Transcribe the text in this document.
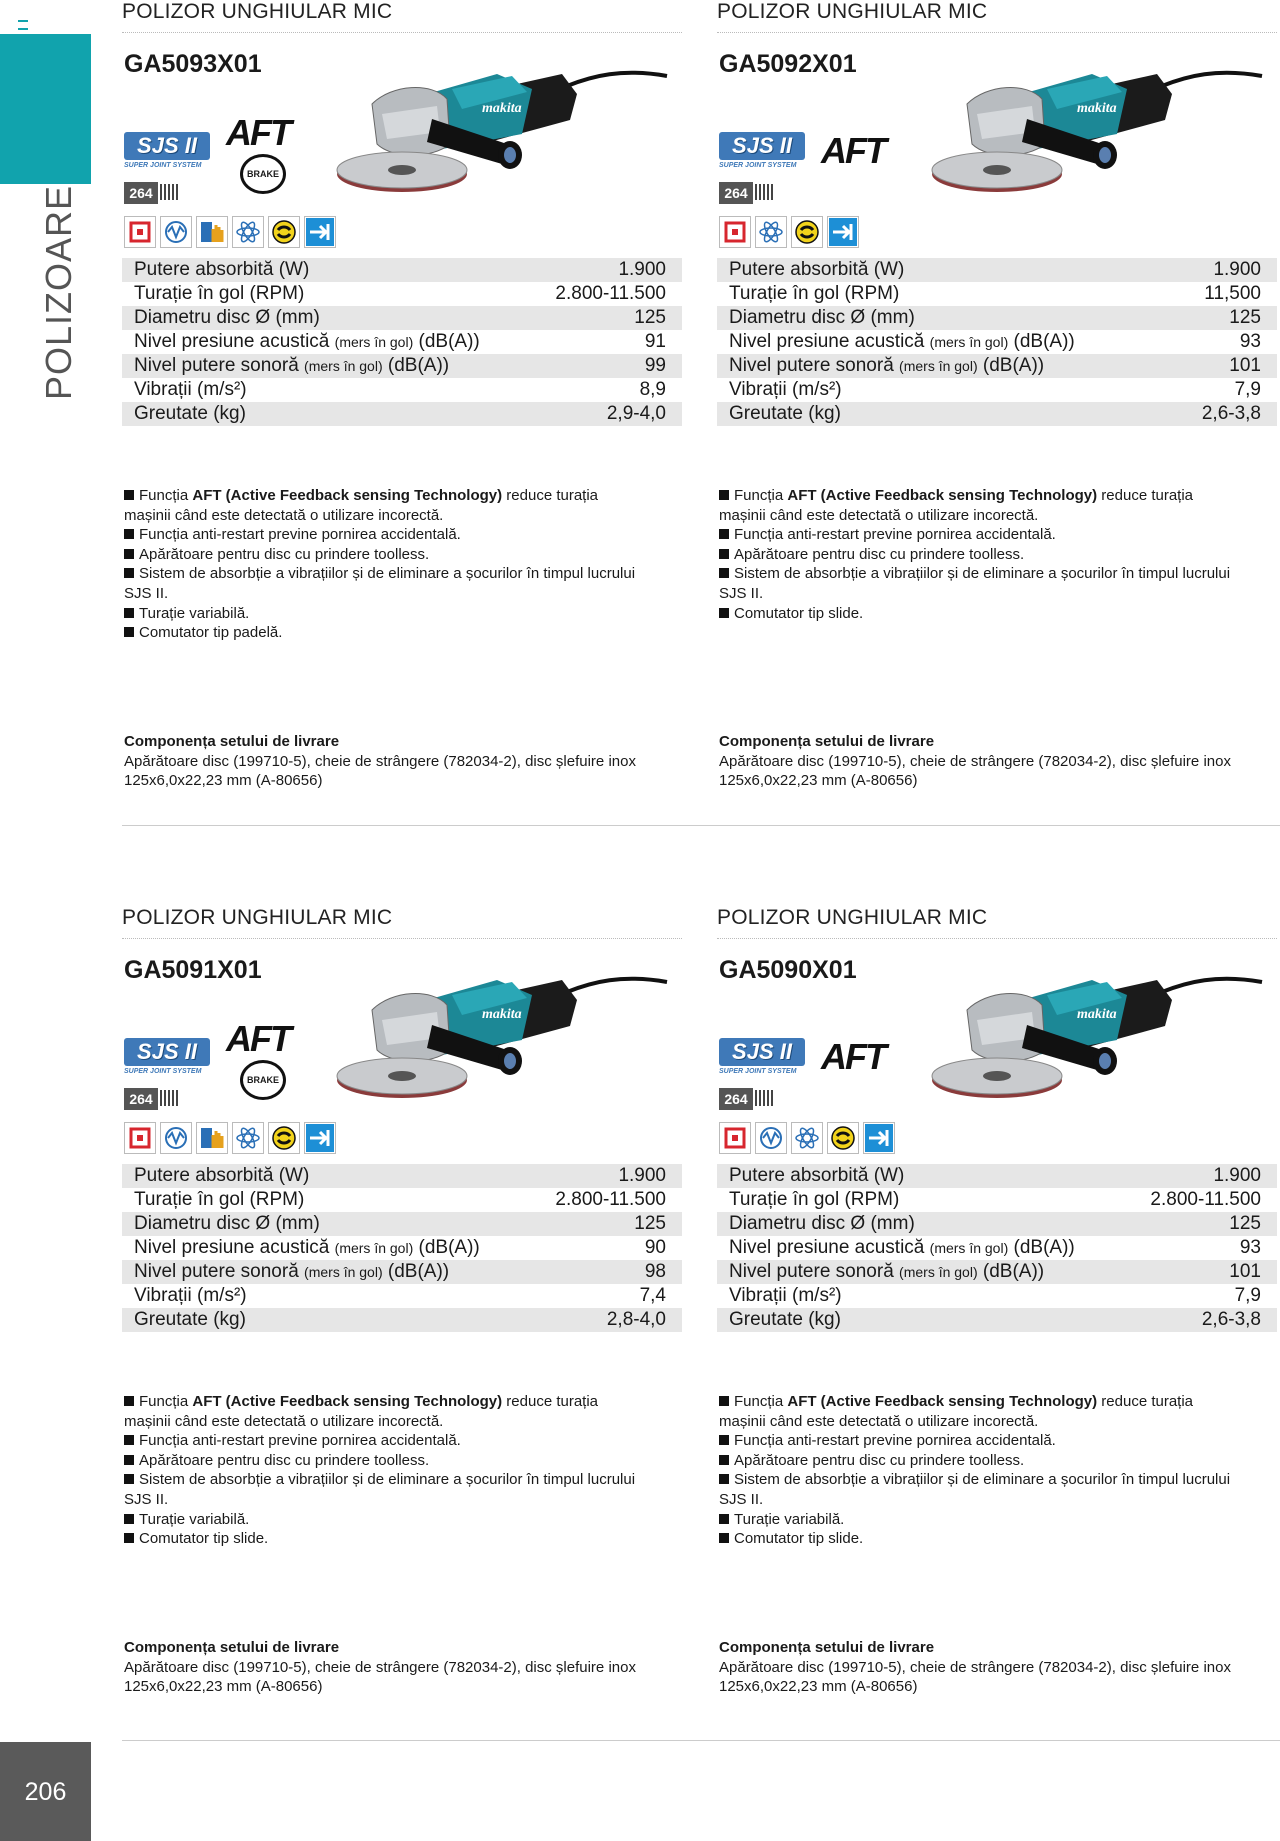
POLIZOARE
206
POLIZOR UNGHIULAR MIC
GA5093X01
makita
SJS II
SUPER JOINT SYSTEM
AFT
BRAKE
264
Putere absorbită (W)	1.900
Turație în gol (RPM)	2.800-11.500
Diametru disc Ø (mm)	125
Nivel presiune acustică (mers în gol) (dB(A))	91
Nivel putere sonoră (mers în gol) (dB(A))	99
Vibrații (m/s²)	8,9
Greutate (kg)	2,9-4,0
Funcția AFT (Active Feedback sensing Technology) reduce turația
mașinii când este detectată o utilizare incorectă.
Funcția anti-restart previne pornirea accidentală.
Apărătoare pentru disc cu prindere toolless.
Sistem de absorbție a vibrațiilor și de eliminare a șocurilor în timpul lucrului
SJS II.
Turație variabilă.
Comutator tip padelă.
Componența setului de livrare
Apărătoare disc (199710-5), cheie de strângere (782034-2), disc șlefuire inox
125x6,0x22,23 mm (A-80656)
POLIZOR UNGHIULAR MIC
GA5092X01
makita
SJS II
SUPER JOINT SYSTEM AFT
264
Putere absorbită (W)	1.900
Turație în gol (RPM)	11,500
Diametru disc Ø (mm)	125
Nivel presiune acustică (mers în gol) (dB(A))	93
Nivel putere sonoră (mers în gol) (dB(A))	101
Vibrații (m/s²)	7,9
Greutate (kg)	2,6-3,8
Funcția AFT (Active Feedback sensing Technology) reduce turația
mașinii când este detectată o utilizare incorectă.
Funcția anti-restart previne pornirea accidentală.
Apărătoare pentru disc cu prindere toolless.
Sistem de absorbție a vibrațiilor și de eliminare a șocurilor în timpul lucrului
SJS II.
Comutator tip slide.
Componența setului de livrare
Apărătoare disc (199710-5), cheie de strângere (782034-2), disc șlefuire inox
125x6,0x22,23 mm (A-80656)
POLIZOR UNGHIULAR MIC
GA5091X01
makita
SJS II
SUPER JOINT SYSTEM
AFT
BRAKE
264
Putere absorbită (W)	1.900
Turație în gol (RPM)	2.800-11.500
Diametru disc Ø (mm)	125
Nivel presiune acustică (mers în gol) (dB(A))	90
Nivel putere sonoră (mers în gol) (dB(A))	98
Vibrații (m/s²)	7,4
Greutate (kg)	2,8-4,0
Funcția AFT (Active Feedback sensing Technology) reduce turația
mașinii când este detectată o utilizare incorectă.
Funcția anti-restart previne pornirea accidentală.
Apărătoare pentru disc cu prindere toolless.
Sistem de absorbție a vibrațiilor și de eliminare a șocurilor în timpul lucrului
SJS II.
Turație variabilă.
Comutator tip slide.
Componența setului de livrare
Apărătoare disc (199710-5), cheie de strângere (782034-2), disc șlefuire inox
125x6,0x22,23 mm (A-80656)
POLIZOR UNGHIULAR MIC
GA5090X01
makita
SJS II
SUPER JOINT SYSTEM AFT
264
Putere absorbită (W)	1.900
Turație în gol (RPM)	2.800-11.500
Diametru disc Ø (mm)	125
Nivel presiune acustică (mers în gol) (dB(A))	93
Nivel putere sonoră (mers în gol) (dB(A))	101
Vibrații (m/s²)	7,9
Greutate (kg)	2,6-3,8
Funcția AFT (Active Feedback sensing Technology) reduce turația
mașinii când este detectată o utilizare incorectă.
Funcția anti-restart previne pornirea accidentală.
Apărătoare pentru disc cu prindere toolless.
Sistem de absorbție a vibrațiilor și de eliminare a șocurilor în timpul lucrului
SJS II.
Turație variabilă.
Comutator tip slide.
Componența setului de livrare
Apărătoare disc (199710-5), cheie de strângere (782034-2), disc șlefuire inox
125x6,0x22,23 mm (A-80656)
